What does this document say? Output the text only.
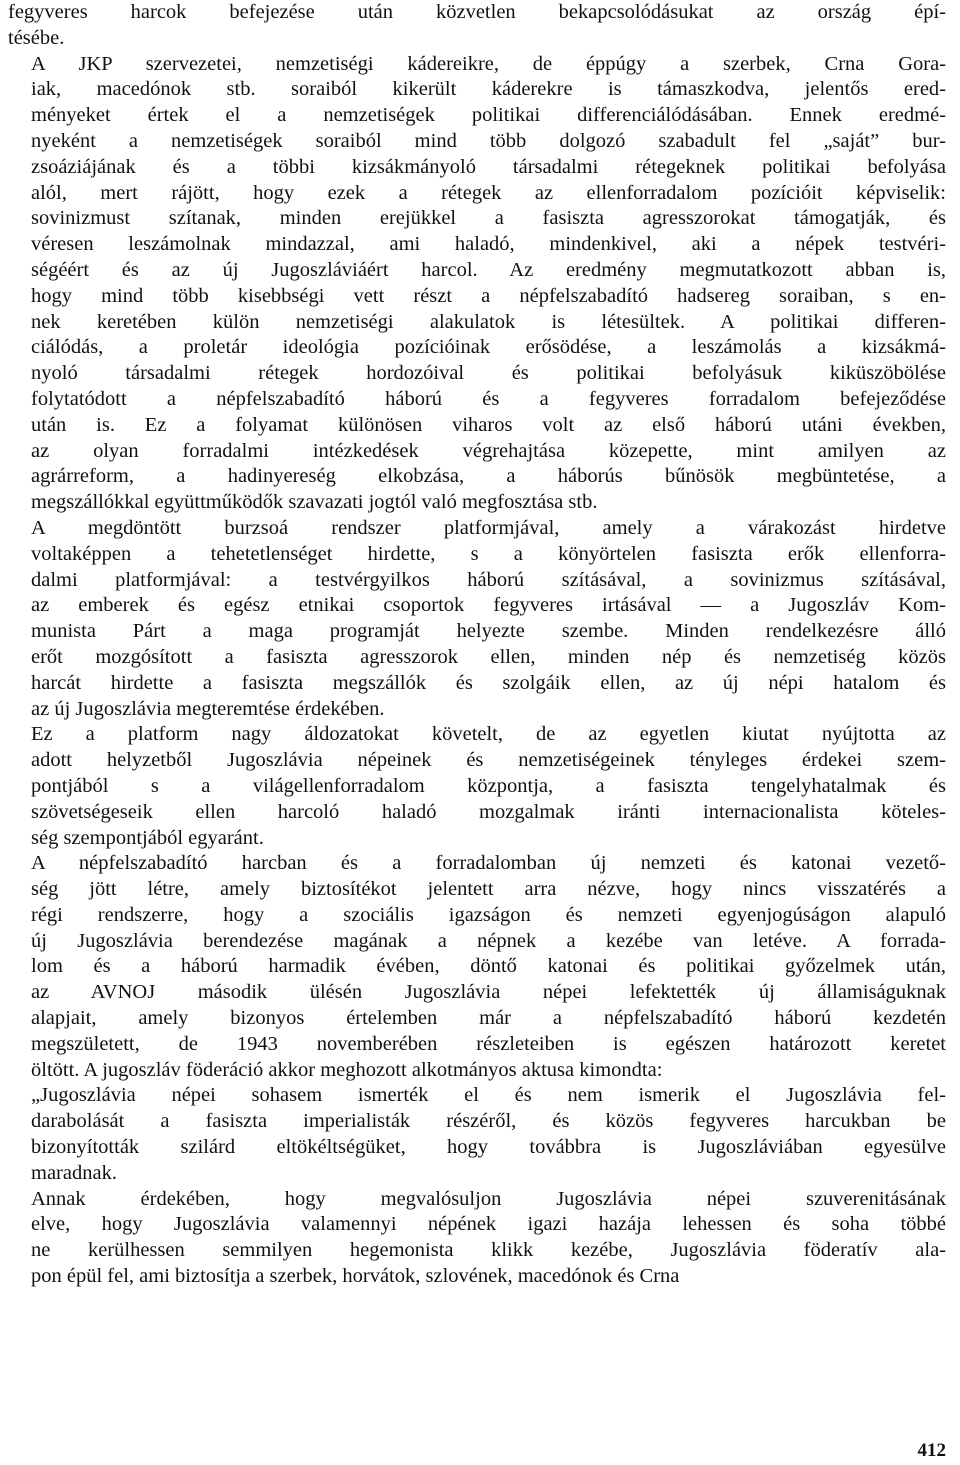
fegyveres harcok befejezése után közvetlen bekapcsolódásukat az ország épí-
tésébe.

A JKP szervezetei, nemzetiségi kádereikre, de éppúgy a szerbek, Crna Gora-
iak, macedónok stb. soraiból kikerült káderekre is támaszkodva, jelentős ered-
ményeket értek el a nemzetiségek politikai differenciálódásában. Ennek eredmé-
nyeként a nemzetiségek soraiból mind több dolgozó szabadult fel „saját” bur-
zsoáziájának és a többi kizsákmányoló társadalmi rétegeknek politikai befolyása
alól, mert rájött, hogy ezek a rétegek az ellenforradalom pozícióit képviselik:
sovinizmust szítanak, minden erejükkel a fasiszta agresszorokat támogatják, és
véresen leszámolnak mindazzal, ami haladó, mindenkivel, aki a népek testvéri-
ségéért és az új Jugoszláviáért harcol. Az eredmény megmutatkozott abban is,
hogy mind több kisebbségi vett részt a népfelszabadító hadsereg soraiban, s en-
nek keretében külön nemzetiségi alakulatok is létesültek. A politikai differen-
ciálódás, a proletár ideológia pozícióinak erősödése, a leszámolás a kizsákmá-
nyoló társadalmi rétegek hordozóival és politikai befolyásuk kiküszöbölése
folytatódott a népfelszabadító háború és a fegyveres forradalom befejeződése
után is. Ez a folyamat különösen viharos volt az első háború utáni években,
az olyan forradalmi intézkedések végrehajtása közepette, mint amilyen az
agrárreform, a hadinyereség elkobzása, a háborús bűnösök megbüntetése, a
megszállókkal együttműködők szavazati jogtól való megfosztása stb.

A megdöntött burzsoá rendszer platformjával, amely a várakozást hirdetve
voltaképpen a tehetetlenséget hirdette, s a könyörtelen fasiszta erők ellenforra-
dalmi platformjával: a testvérgyilkos háború szításával, a sovinizmus szításával,
az emberek és egész etnikai csoportok fegyveres irtásával — a Jugoszláv Kom-
munista Párt a maga programját helyezte szembe. Minden rendelkezésre álló
erőt mozgósított a fasiszta agresszorok ellen, minden nép és nemzetiség közös
harcát hirdette a fasiszta megszállók és szolgáik ellen, az új népi hatalom és
az új Jugoszlávia megteremtése érdekében.

Ez a platform nagy áldozatokat követelt, de az egyetlen kiutat nyújtotta az
adott helyzetből Jugoszlávia népeinek és nemzetiségeinek tényleges érdekei szem-
pontjából s a világellenforradalom központja, a fasiszta tengelyhatalmak és
szövetségeseik ellen harcoló haladó mozgalmak iránti internacionalista köteles-
ség szempontjából egyaránt.

A népfelszabadító harcban és a forradalomban új nemzeti és katonai vezető-
ség jött létre, amely biztosítékot jelentett arra nézve, hogy nincs visszatérés a
régi rendszerre, hogy a szociális igazságon és nemzeti egyenjogúságon alapuló
új Jugoszlávia berendezése magának a népnek a kezébe van letéve. A forrada-
lom és a háború harmadik évében, döntő katonai és politikai győzelmek után,
az AVNOJ második ülésén Jugoszlávia népei lefektették új államiságuknak
alapjait, amely bizonyos értelemben már a népfelszabadító háború kezdetén
megszületett, de 1943 novemberében részleteiben is egészen határozott keretet
öltött. A jugoszláv föderáció akkor meghozott alkotmányos aktusa kimondta:

„Jugoszlávia népei sohasem ismerték el és nem ismerik el Jugoszlávia fel-
darabolását a fasiszta imperialisták részéről, és közös fegyveres harcukban be
bizonyították szilárd eltökéltségüket, hogy továbbra is Jugoszláviában egyesülve
maradnak.

Annak érdekében, hogy megvalósuljon Jugoszlávia népei szuverenitásának
elve, hogy Jugoszlávia valamennyi népének igazi hazája lehessen és soha többé
ne kerülhessen semmilyen hegemonista klikk kezébe, Jugoszlávia föderatív ala-
pon épül fel, ami biztosítja a szerbek, horvátok, szlovének, macedónok és Crna

412
